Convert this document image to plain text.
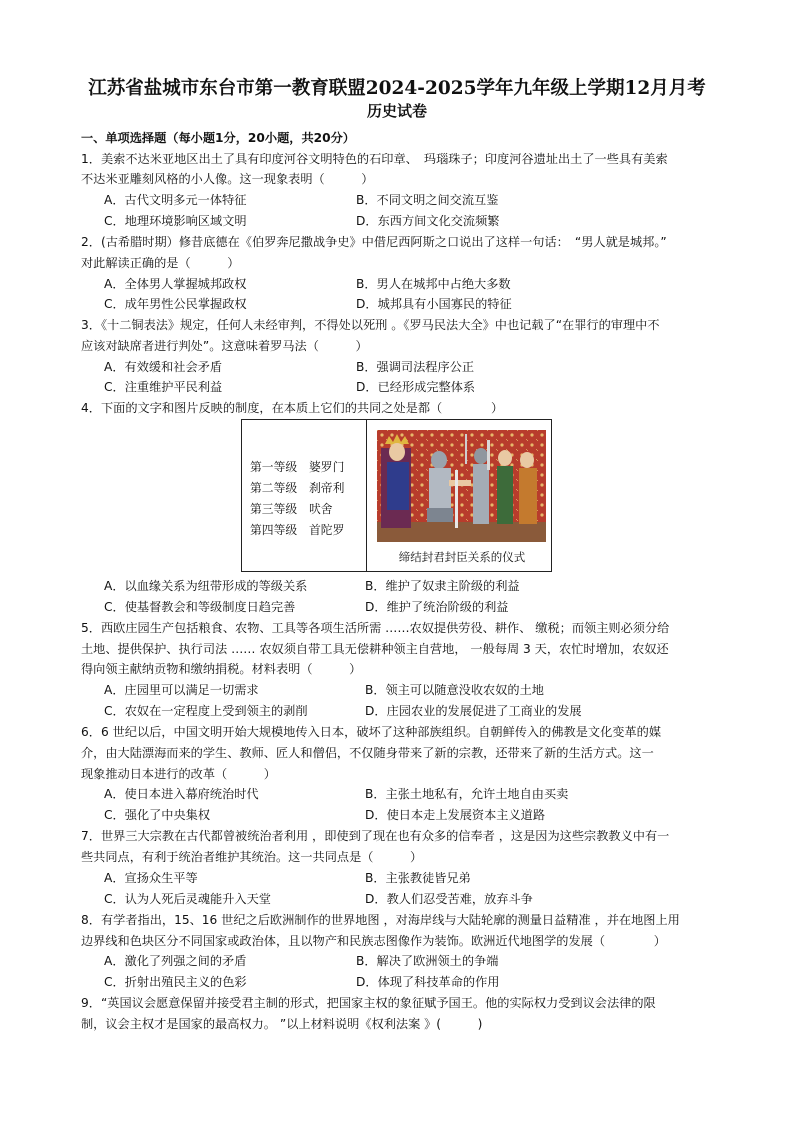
江苏省盐城市东台市第一教育联盟2024-2025学年九年级上学期12月月考
历史试卷
一、单项选择题（每小题1分，20小题，共20分）
1．美索不达米亚地区出土了具有印度河谷文明特色的石印章、　玛瑙珠子；印度河谷遗址出土了一些具有美索
不达米亚雕刻风格的小人像。这一现象表明（　　　）
A．古代文明多元一体特征	B．不同文明之间交流互鉴
C．地理环境影响区域文明	D．东西方间文化交流频繁
2．(古希腊时期）修昔底德在《伯罗奔尼撒战争史》中借尼西阿斯之口说出了这样一句话：　“男人就是城邦。”
对此解读正确的是（　　　）
A．全体男人掌握城邦政权	B．男人在城邦中占绝大多数
C．成年男性公民掌握政权	D．城邦具有小国寡民的特征
3．《十二铜表法》规定，任何人未经审判，不得处以死刑 。《罗马民法大全》中也记载了“在罪行的审理中不
应该对缺席者进行判处”。这意味着罗马法（　　　）
A．有效缓和社会矛盾	B．强调司法程序公正
C．注重维护平民利益	D．已经形成完整体系
4．下面的文字和图片反映的制度，在本质上它们的共同之处是都（　　　　）
第一等级　婆罗门
第二等级　刹帝利
第三等级　吠舍
第四等级　首陀罗
缔结封君封臣关系的仪式
A．以血缘关系为纽带形成的等级关系	B．维护了奴隶主阶级的利益
C．使基督教会和等级制度日趋完善	D．维护了统治阶级的利益
5．西欧庄园生产包括粮食、农物、工具等各项生活所需 ……农奴提供劳役、耕作、 缴税；而领主则必须分给
土地、提供保护、执行司法 …… 农奴须自带工具无偿耕种领主自营地， 一般每周 3 天，农忙时增加，农奴还
得向领主献纳贡物和缴纳捐税。材料表明（　　　）
A．庄园里可以满足一切需求	B．领主可以随意没收农奴的土地
C．农奴在一定程度上受到领主的剥削	D．庄园农业的发展促进了工商业的发展
6．6 世纪以后，中国文明开始大规模地传入日本，破坏了这种部族组织。自朝鲜传入的佛教是文化变革的媒
介，由大陆漂海而来的学生、教师、匠人和僧侣，不仅随身带来了新的宗教，还带来了新的生活方式。这一
现象推动日本进行的改革（　　　）
A．使日本进入幕府统治时代	B．主张土地私有，允许土地自由买卖
C．强化了中央集权	D．使日本走上发展资本主义道路
7．世界三大宗教在古代都曾被统治者利用 ，即使到了现在也有众多的信奉者 ，这是因为这些宗教教义中有一
些共同点，有利于统治者维护其统治。这一共同点是（　　　）
A．宣扬众生平等	B．主张教徒皆兄弟
C．认为人死后灵魂能升入天堂	D．教人们忍受苦难，放弃斗争
8．有学者指出，15、16 世纪之后欧洲制作的世界地图 ，对海岸线与大陆轮廓的测量日益精准 ，并在地图上用
边界线和色块区分不同国家或政治体，且以物产和民族志图像作为装饰。欧洲近代地图学的发展（　　　　）
A．激化了列强之间的矛盾	B．解决了欧洲领土的争端
C．折射出殖民主义的色彩	D．体现了科技革命的作用
9．“英国议会愿意保留并接受君主制的形式，把国家主权的象征赋予国王。他的实际权力受到议会法律的限
制，议会主权才是国家的最高权力。 ”以上材料说明《权利法案 》(　　　)
